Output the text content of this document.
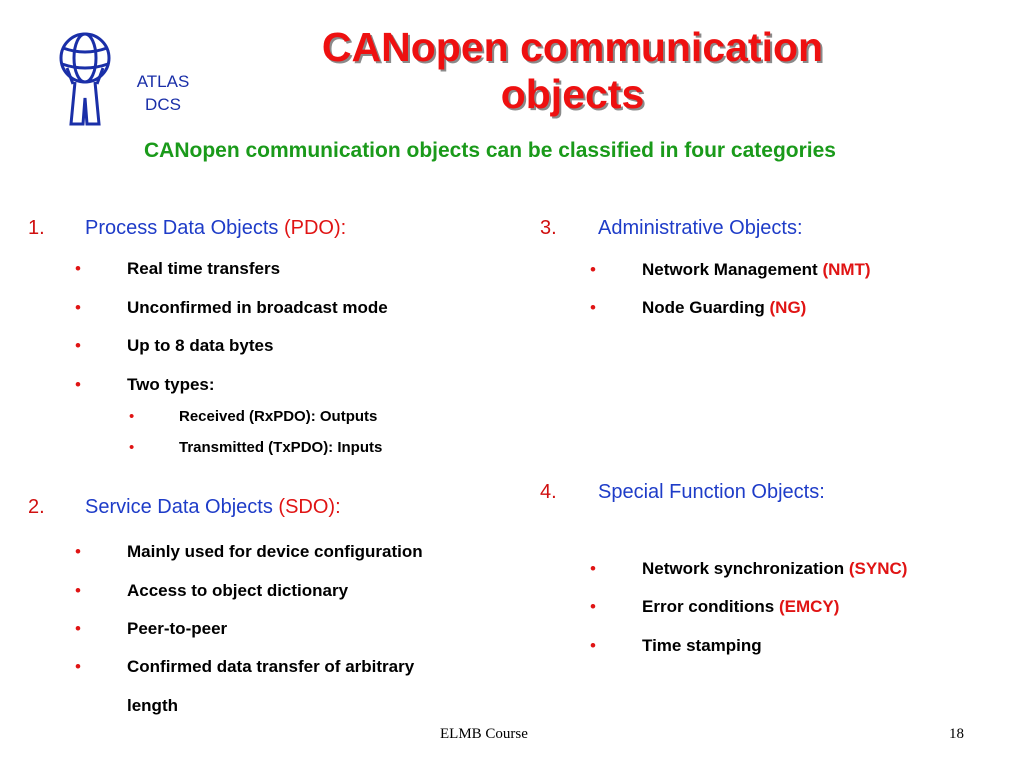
ATLAS
DCS
CANopen communication
objects
CANopen communication objects can be classified in four categories
1. Process Data Objects (PDO):
•	Real time transfers
•	Unconfirmed in broadcast mode
•	Up to 8 data bytes
•	Two types:
•	Received (RxPDO): Outputs
•	Transmitted (TxPDO): Inputs
2. Service Data Objects (SDO):
•	Mainly used for device configuration
•	Access to object dictionary
•	Peer-to-peer
•	Confirmed data transfer of arbitrary
length
3. Administrative Objects:
•	Network Management (NMT)
•	Node Guarding (NG)
4. Special Function Objects:
•	Network synchronization (SYNC)
•	Error conditions (EMCY)
•	Time stamping
ELMB Course	18
